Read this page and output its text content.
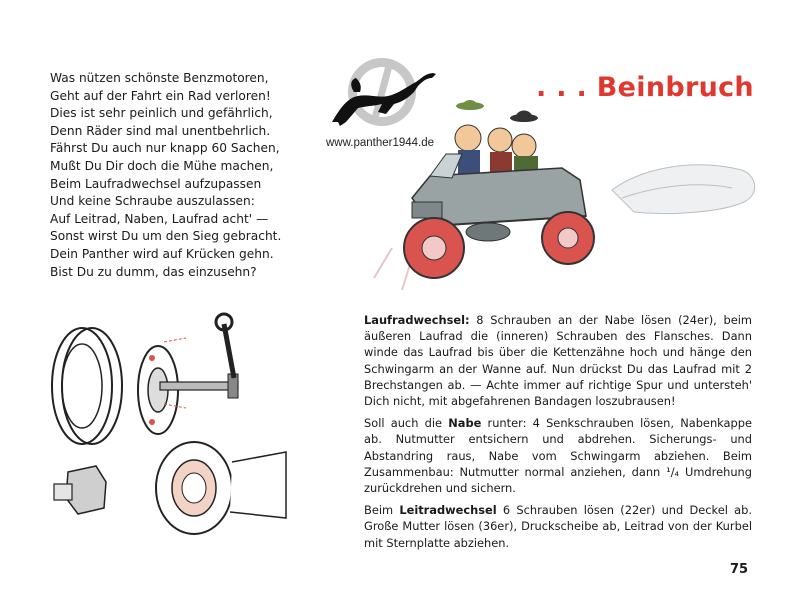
Was nützen schönste Benzmotoren,
Geht auf der Fahrt ein Rad verloren!
Dies ist sehr peinlich und gefährlich,
Denn Räder sind mal unentbehrlich.
Fährst Du auch nur knapp 60 Sachen,
Mußt Du Dir doch die Mühe machen,
Beim Laufradwechsel aufzupassen
Und keine Schraube auszulassen:
Auf Leitrad, Naben, Laufrad acht' —
Sonst wirst Du um den Sieg gebracht.
Dein Panther wird auf Krücken gehn.
Bist Du zu dumm, das einzusehn?
www.panther1944.de
. . . Beinbruch

Laufradwechsel: 8 Schrauben an der Nabe lösen (24er), beim äußeren Laufrad die (inneren) Schrauben des Flansches. Dann winde das Laufrad bis über die Kettenzähne hoch und hänge den Schwingarm an der Wanne auf. Nun drückst Du das Laufrad mit 2 Brechstangen ab. — Achte immer auf richtige Spur und untersteh' Dich nicht, mit abgefahrenen Bandagen loszubrausen!

Soll auch die Nabe runter: 4 Senkschrauben lösen, Nabenkappe ab. Nutmutter entsichern und abdrehen. Sicherungs- und Abstandring raus, Nabe vom Schwingarm abziehen. Beim Zusammenbau: Nutmutter normal anziehen, dann ¹/₄ Umdrehung zurückdrehen und sichern.

Beim Leitradwechsel 6 Schrauben lösen (22er) und Deckel ab. Große Mutter lösen (36er), Druckscheibe ab, Leitrad von der Kurbel mit Sternplatte abziehen.

75
